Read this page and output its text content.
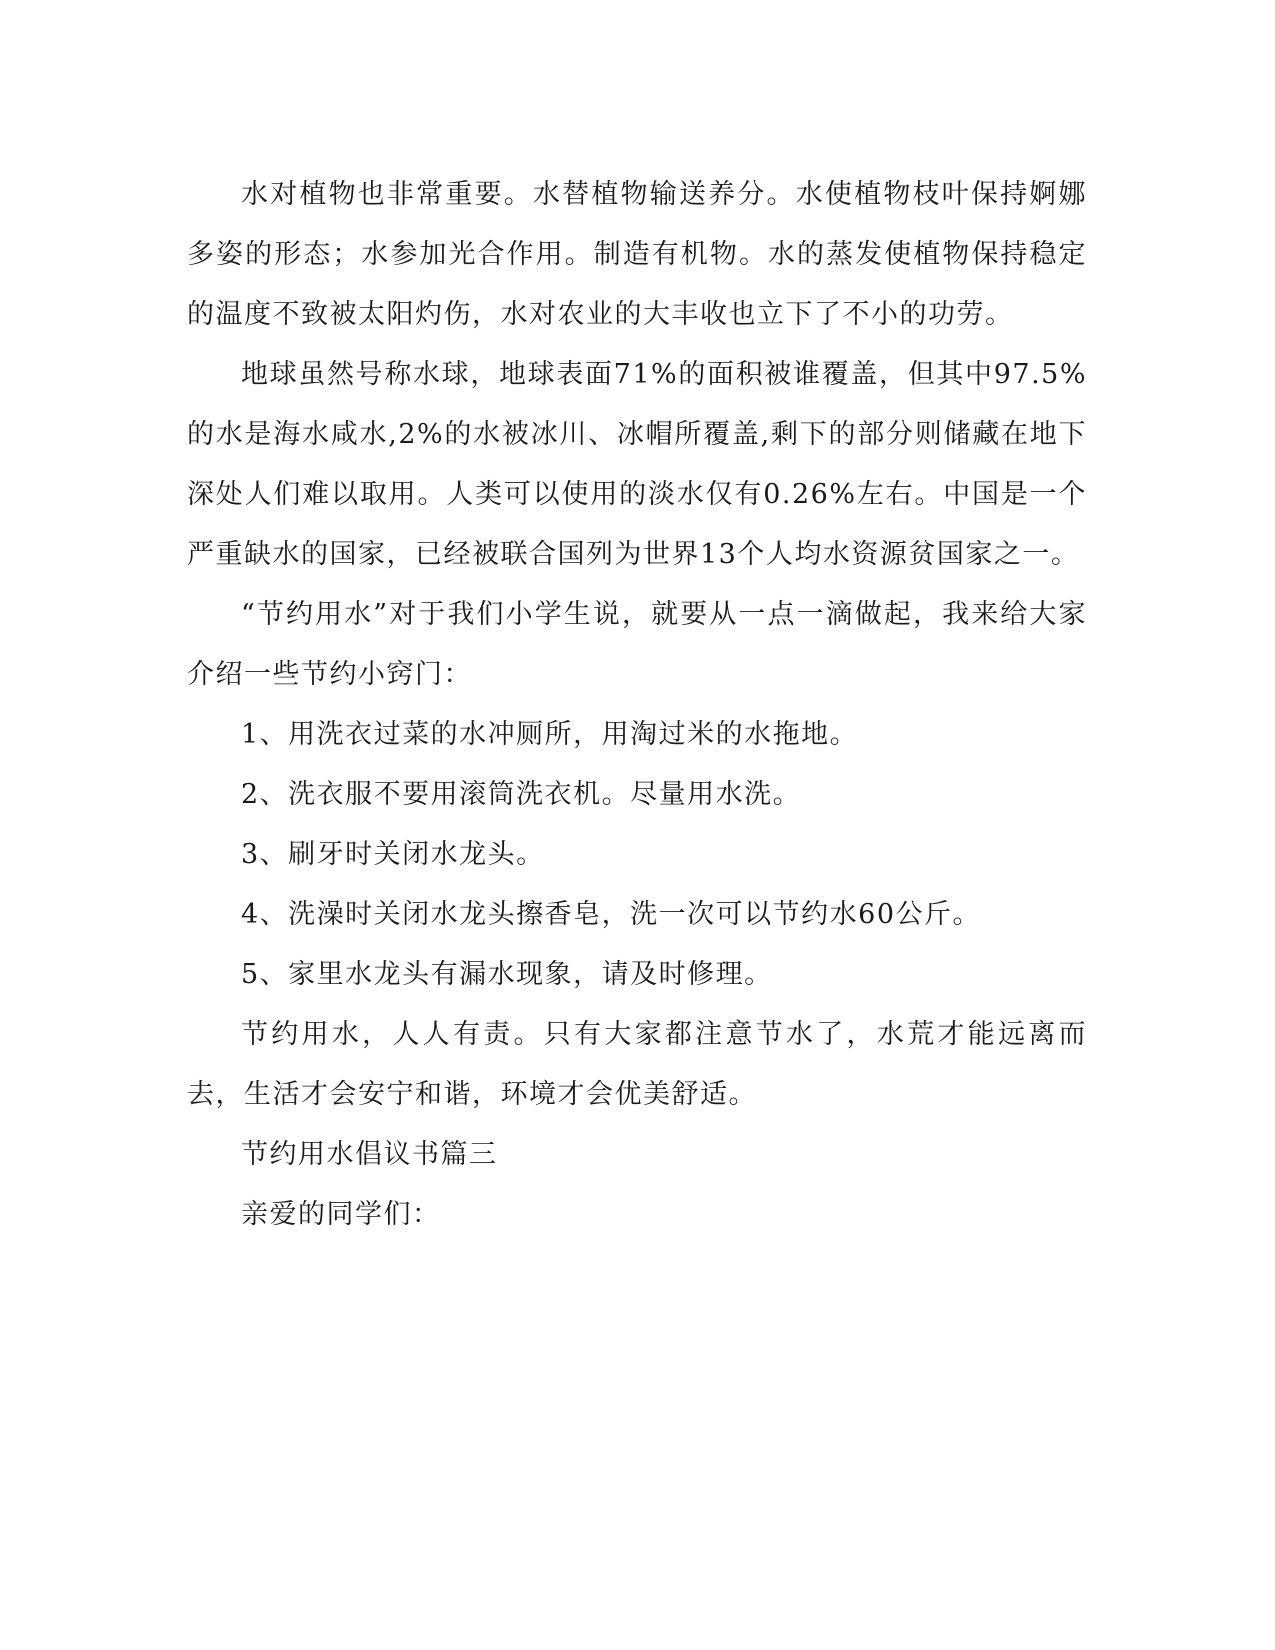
水对植物也非常重要。水替植物输送养分。水使植物枝叶保持婀娜多姿的形态；水参加光合作用。制造有机物。水的蒸发使植物保持稳定的温度不致被太阳灼伤，水对农业的大丰收也立下了不小的功劳。

地球虽然号称水球，地球表面71%的面积被谁覆盖，但其中97.5%的水是海水咸水,2%的水被冰川、冰帽所覆盖,剩下的部分则储藏在地下深处人们难以取用。人类可以使用的淡水仅有0.26%左右。中国是一个严重缺水的国家，已经被联合国列为世界13个人均水资源贫国家之一。

“节约用水”对于我们小学生说，就要从一点一滴做起，我来给大家介绍一些节约小窍门：

1、用洗衣过菜的水冲厕所，用淘过米的水拖地。

2、洗衣服不要用滚筒洗衣机。尽量用水洗。

3、刷牙时关闭水龙头。

4、洗澡时关闭水龙头擦香皂，洗一次可以节约水60公斤。

5、家里水龙头有漏水现象，请及时修理。

节约用水，人人有责。只有大家都注意节水了，水荒才能远离而去，生活才会安宁和谐，环境才会优美舒适。

节约用水倡议书篇三

亲爱的同学们：
